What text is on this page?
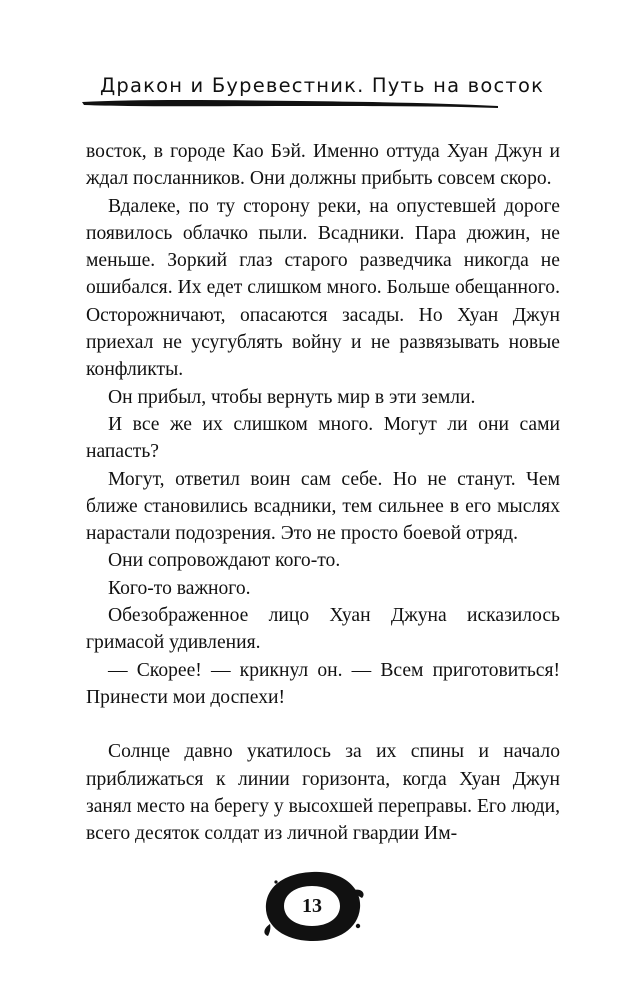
Дракон и Буревестник. Путь на восток

восток, в городе Као Бэй. Именно оттуда Хуан Джун и ждал посланников. Они должны прибыть совсем скоро.

Вдалеке, по ту сторону реки, на опустевшей дороге появилось облачко пыли. Всадники. Пара дюжин, не меньше. Зоркий глаз старого разведчика никогда не ошибался. Их едет слишком много. Больше обещанного. Осторожничают, опасаются засады. Но Хуан Джун приехал не усугублять войну и не развязывать новые конфликты.

Он прибыл, чтобы вернуть мир в эти земли.

И все же их слишком много. Могут ли они сами напасть?

Могут, ответил воин сам себе. Но не станут. Чем ближе становились всадники, тем сильнее в его мыслях нарастали подозрения. Это не просто боевой отряд.

Они сопровождают кого-то.

Кого-то важного.

Обезображенное лицо Хуан Джуна исказилось гримасой удивления.

— Скорее! — крикнул он. — Всем приготовиться! Принести мои доспехи!

Солнце давно укатилось за их спины и начало приближаться к линии горизонта, когда Хуан Джун занял место на берегу у высохшей переправы. Его люди, всего десяток солдат из личной гвардии Им-

13
